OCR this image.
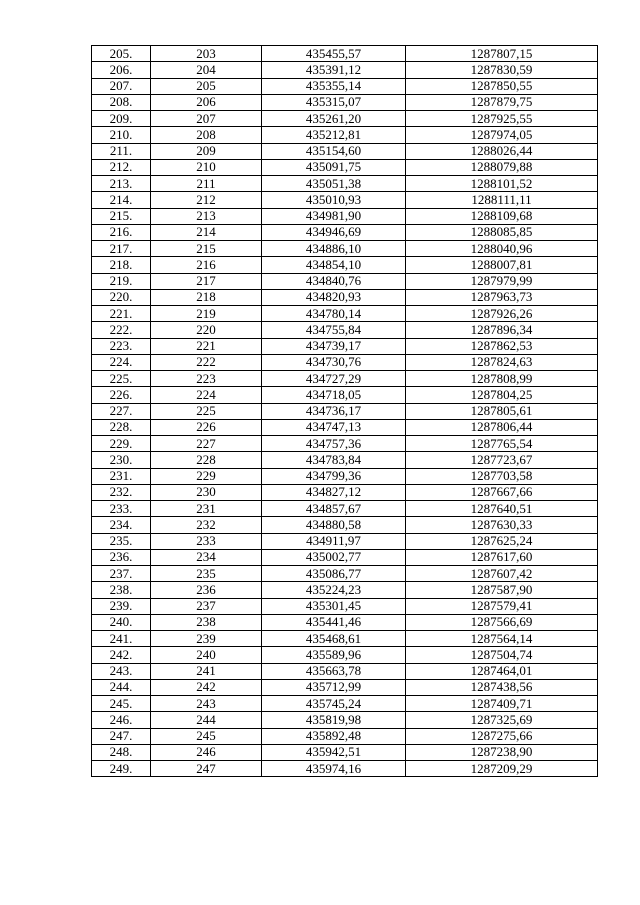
205.	203	435455,57	1287807,15
206.	204	435391,12	1287830,59
207.	205	435355,14	1287850,55
208.	206	435315,07	1287879,75
209.	207	435261,20	1287925,55
210.	208	435212,81	1287974,05
211.	209	435154,60	1288026,44
212.	210	435091,75	1288079,88
213.	211	435051,38	1288101,52
214.	212	435010,93	1288111,11
215.	213	434981,90	1288109,68
216.	214	434946,69	1288085,85
217.	215	434886,10	1288040,96
218.	216	434854,10	1288007,81
219.	217	434840,76	1287979,99
220.	218	434820,93	1287963,73
221.	219	434780,14	1287926,26
222.	220	434755,84	1287896,34
223.	221	434739,17	1287862,53
224.	222	434730,76	1287824,63
225.	223	434727,29	1287808,99
226.	224	434718,05	1287804,25
227.	225	434736,17	1287805,61
228.	226	434747,13	1287806,44
229.	227	434757,36	1287765,54
230.	228	434783,84	1287723,67
231.	229	434799,36	1287703,58
232.	230	434827,12	1287667,66
233.	231	434857,67	1287640,51
234.	232	434880,58	1287630,33
235.	233	434911,97	1287625,24
236.	234	435002,77	1287617,60
237.	235	435086,77	1287607,42
238.	236	435224,23	1287587,90
239.	237	435301,45	1287579,41
240.	238	435441,46	1287566,69
241.	239	435468,61	1287564,14
242.	240	435589,96	1287504,74
243.	241	435663,78	1287464,01
244.	242	435712,99	1287438,56
245.	243	435745,24	1287409,71
246.	244	435819,98	1287325,69
247.	245	435892,48	1287275,66
248.	246	435942,51	1287238,90
249.	247	435974,16	1287209,29
